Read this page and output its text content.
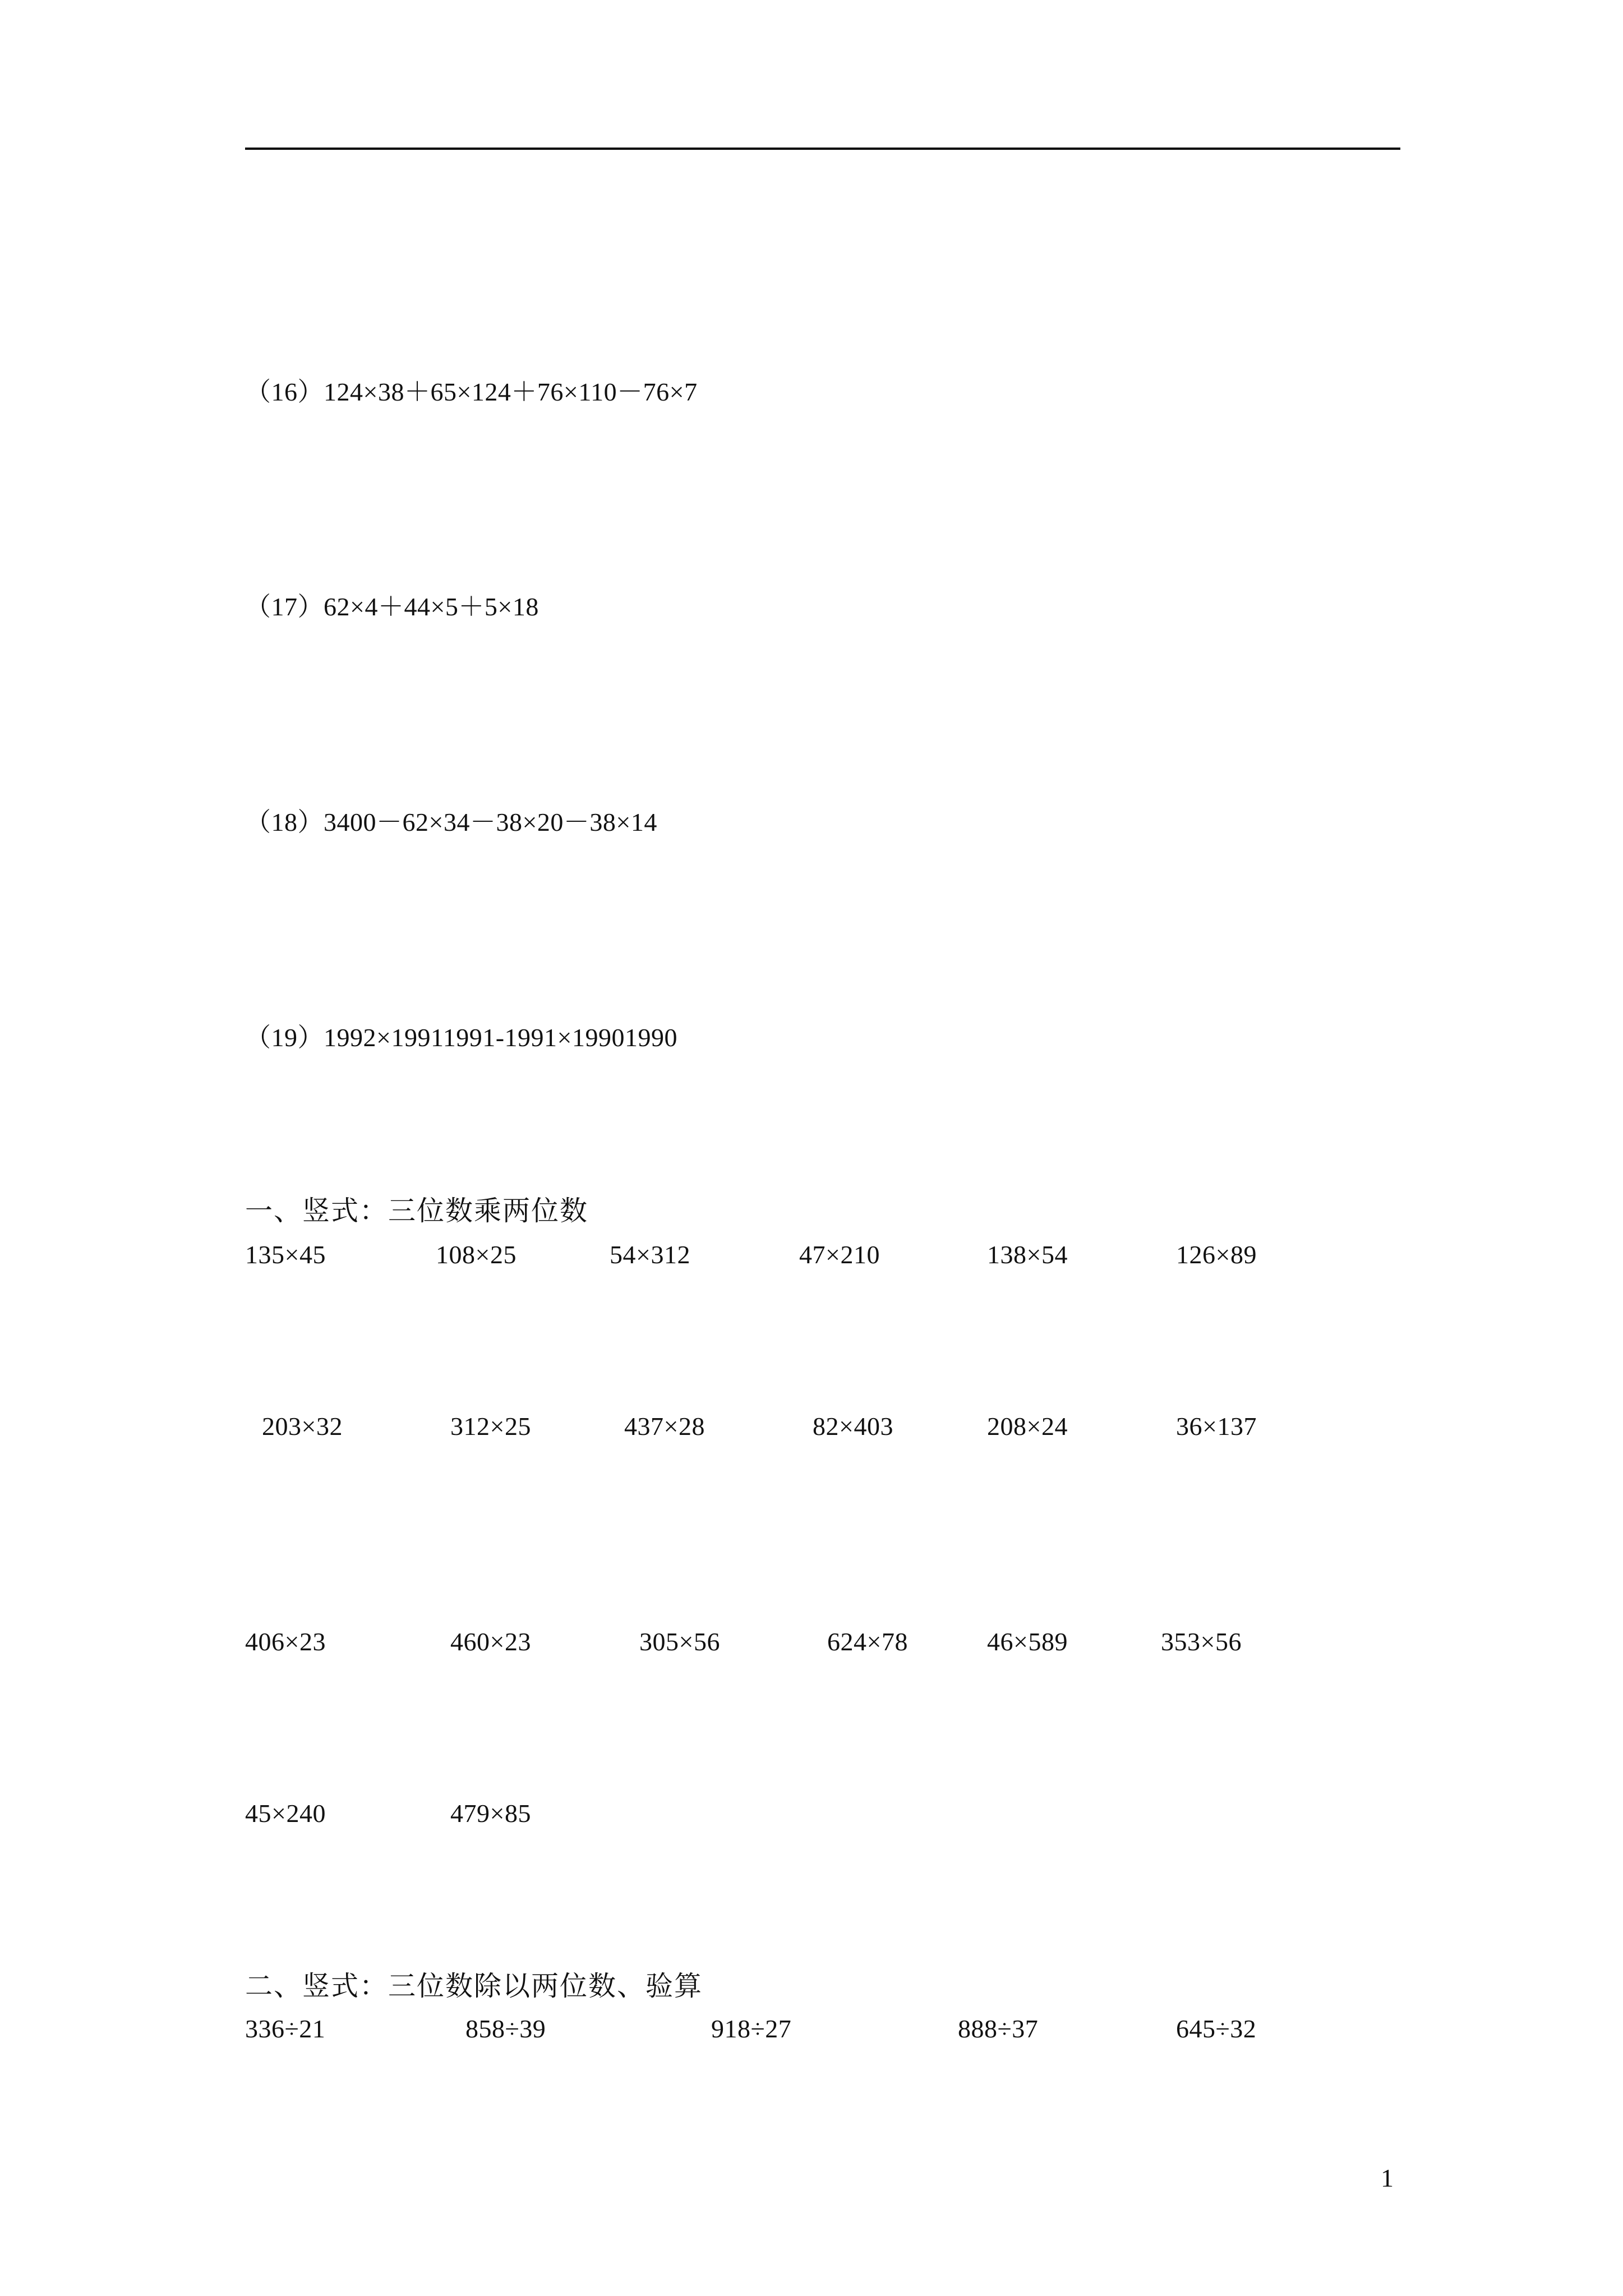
（16）124×38＋65×124＋76×110－76×7
（17）62×4＋44×5＋5×18
（18）3400－62×34－38×20－38×14
（19）1992×19911991-1991×19901990
一、竖式：三位数乘两位数
135×45	108×25	54×312	47×210	138×54	126×89
203×32	312×25	437×28	82×403	208×24	36×137
406×23	460×23	305×56	624×78	46×589	353×56
45×240	479×85
二、竖式：三位数除以两位数、验算
336÷21	858÷39	918÷27	888÷37	645÷32
1
